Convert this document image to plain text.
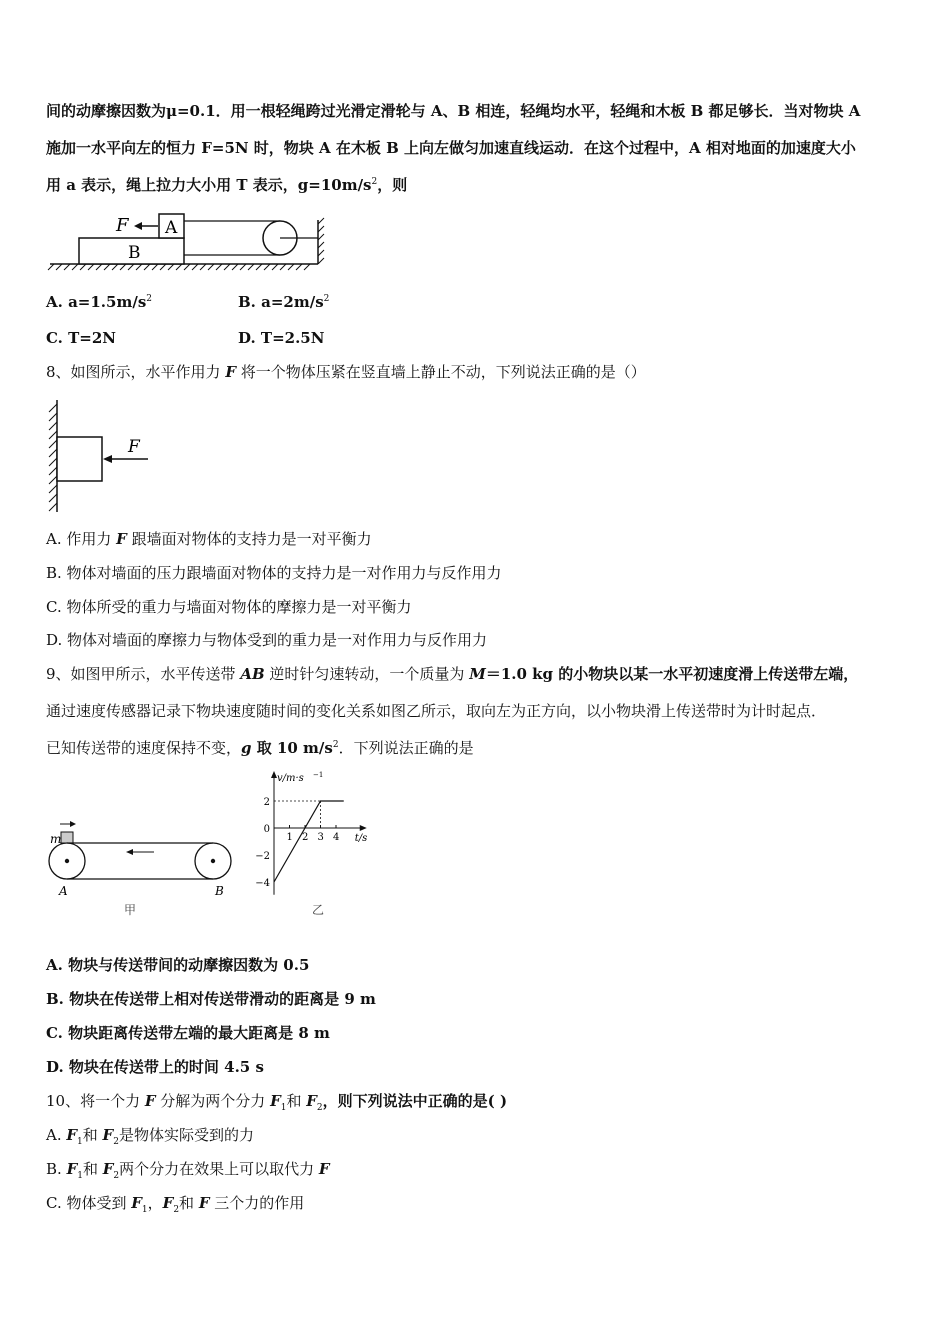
间的动摩擦因数为μ=0.1．用一根轻绳跨过光滑定滑轮与 A、B 相连，轻绳均水平，轻绳和木板 B 都足够长．当对物块 A
施加一水平向左的恒力 F=5N 时，物块 A 在木板 B 上向左做匀加速直线运动．在这个过程中，A 相对地面的加速度大小
用 a 表示，绳上拉力大小用 T 表示，$g=10m/s^2$，则
B
A
F
A. $a=1.5m/s^2$	B. $a=2m/s^2$
C. T=2N	D. T=2.5N
8、如图所示，水平作用力 F 将一个物体压紧在竖直墙上静止不动，下列说法正确的是（）
F
A. 作用力 F 跟墙面对物体的支持力是一对平衡力
B. 物体对墙面的压力跟墙面对物体的支持力是一对作用力与反作用力
C. 物体所受的重力与墙面对物体的摩擦力是一对平衡力
D. 物体对墙面的摩擦力与物体受到的重力是一对作用力与反作用力
9、如图甲所示，水平传送带 AB 逆时针匀速转动，一个质量为 M＝1.0 kg 的小物块以某一水平初速度滑上传送带左端，
通过速度传感器记录下物块速度随时间的变化关系如图乙所示，取向左为正方向，以小物块滑上传送带时为计时起点．
已知传送带的速度保持不变，g 取 10 $m/s^2$．下列说法正确的是
m
A	B
甲
v/m·s −1
t/s
2
0
−2
−4
1 2 3 4
乙
A. 物块与传送带间的动摩擦因数为 0.5
B. 物块在传送带上相对传送带滑动的距离是 9 m
C. 物块距离传送带左端的最大距离是 8 m
D. 物块在传送带上的时间 4.5 s
10、将一个力 F 分解为两个分力 $F_1$和 $F_2$，则下列说法中正确的是( )
A. $F_1$和 $F_2$是物体实际受到的力
B. $F_1$和 $F_2$两个分力在效果上可以取代力 F
C. 物体受到 $F_1$，$F_2$和 F 三个力的作用
